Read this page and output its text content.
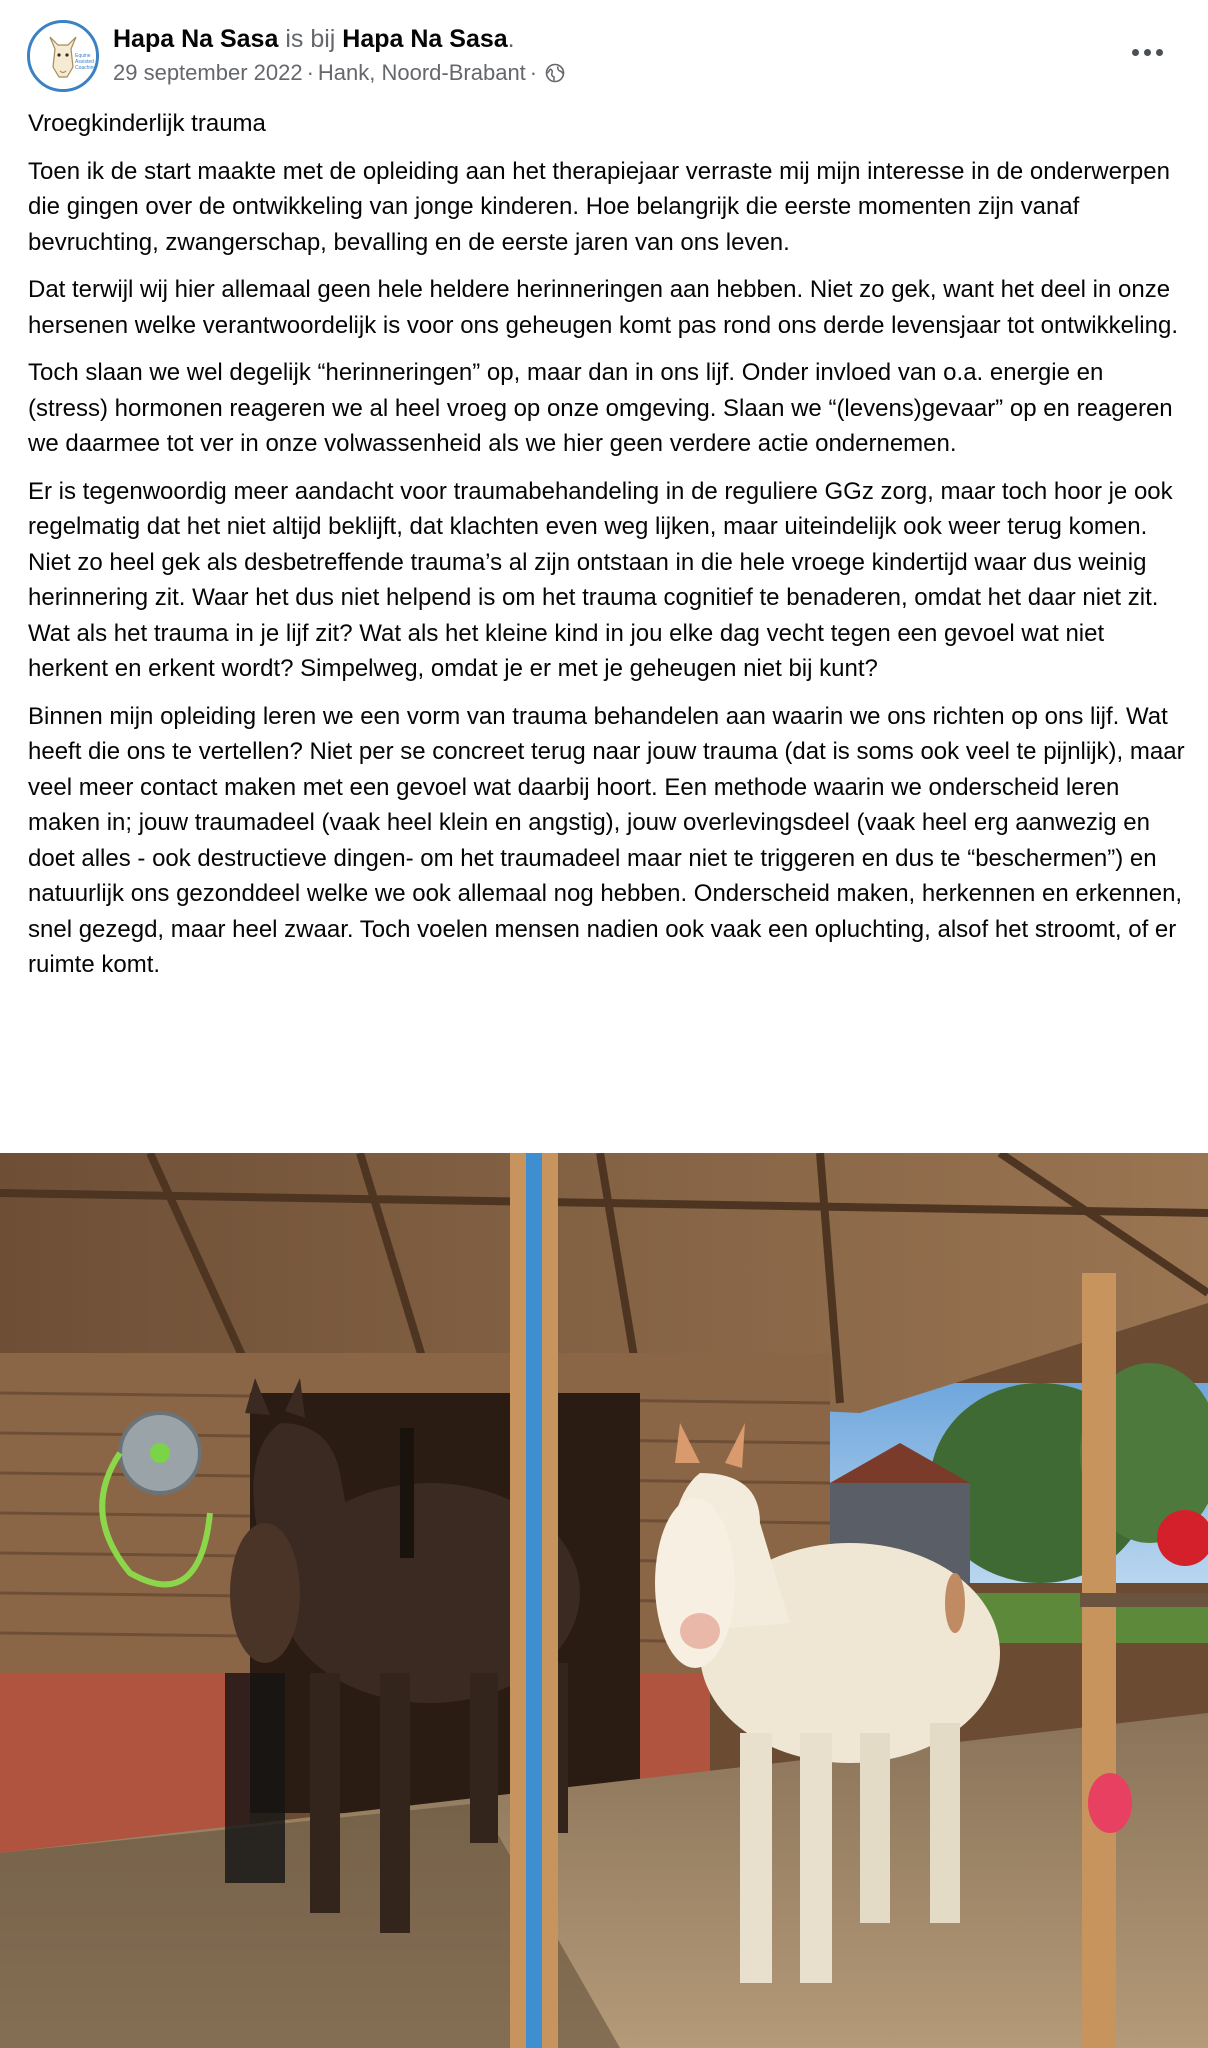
Equine
Assisted
Coaching
Hapa Na Sasa is bij Hapa Na Sasa.
29 september 2022 · Hank, Noord-Brabant ·

Vroegkinderlijk trauma

Toen ik de start maakte met de opleiding aan het therapiejaar verraste mij mijn interesse in de onderwerpen die gingen over de ontwikkeling van jonge kinderen. Hoe belangrijk die eerste momenten zijn vanaf bevruchting, zwangerschap, bevalling en de eerste jaren van ons leven.

Dat terwijl wij hier allemaal geen hele heldere herinneringen aan hebben. Niet zo gek, want het deel in onze hersenen welke verantwoordelijk is voor ons geheugen komt pas rond ons derde levensjaar tot ontwikkeling.

Toch slaan we wel degelijk “herinneringen” op, maar dan in ons lijf. Onder invloed van o.a. energie en (stress) hormonen reageren we al heel vroeg op onze omgeving. Slaan we “(levens)gevaar” op en reageren we daarmee tot ver in onze volwassenheid als we hier geen verdere actie ondernemen.

Er is tegenwoordig meer aandacht voor traumabehandeling in de reguliere GGz zorg, maar toch hoor je ook regelmatig dat het niet altijd beklijft, dat klachten even weg lijken, maar uiteindelijk ook weer terug komen. Niet zo heel gek als desbetreffende trauma’s al zijn ontstaan in die hele vroege kindertijd waar dus weinig herinnering zit. Waar het dus niet helpend is om het trauma cognitief te benaderen, omdat het daar niet zit. Wat als het trauma in je lijf zit? Wat als het kleine kind in jou elke dag vecht tegen een gevoel wat niet herkent en erkent wordt? Simpelweg, omdat je er met je geheugen niet bij kunt?

Binnen mijn opleiding leren we een vorm van trauma behandelen aan waarin we ons richten op ons lijf. Wat heeft die ons te vertellen? Niet per se concreet terug naar jouw trauma (dat is soms ook veel te pijnlijk), maar veel meer contact maken met een gevoel wat daarbij hoort. Een methode waarin we onderscheid leren maken in; jouw traumadeel (vaak heel klein en angstig), jouw overlevingsdeel (vaak heel erg aanwezig en doet alles - ook destructieve dingen- om het traumadeel maar niet te triggeren en dus te “beschermen”) en natuurlijk ons gezonddeel welke we ook allemaal nog hebben. Onderscheid maken, herkennen en erkennen, snel gezegd, maar heel zwaar. Toch voelen mensen nadien ook vaak een opluchting, alsof het stroomt, of er ruimte komt.
